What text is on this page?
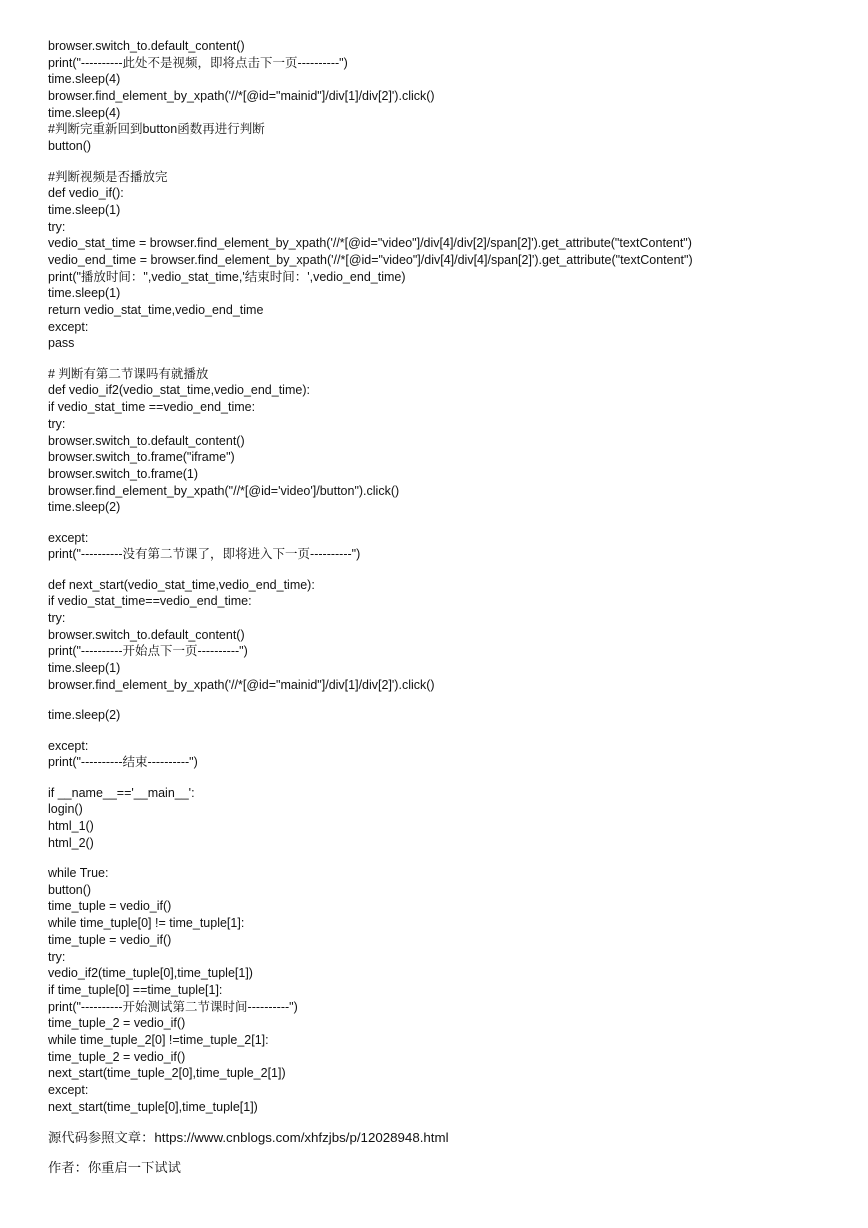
browser.switch_to.default_content()
print("----------此处不是视频，即将点击下一页----------")
time.sleep(4)
browser.find_element_by_xpath('//*[@id="mainid"]/div[1]/div[2]').click()
time.sleep(4)
#判断完重新回到button函数再进行判断
button()
#判断视频是否播放完
def vedio_if():
time.sleep(1)
try:
vedio_stat_time = browser.find_element_by_xpath('//*[@id="video"]/div[4]/div[2]/span[2]').get_attribute("textContent")
vedio_end_time = browser.find_element_by_xpath('//*[@id="video"]/div[4]/div[4]/span[2]').get_attribute("textContent")
print("播放时间：",vedio_stat_time,'结束时间：',vedio_end_time)
time.sleep(1)
return vedio_stat_time,vedio_end_time
except:
pass
# 判断有第二节课吗有就播放
def vedio_if2(vedio_stat_time,vedio_end_time):
if vedio_stat_time ==vedio_end_time:
try:
browser.switch_to.default_content()
browser.switch_to.frame("iframe")
browser.switch_to.frame(1)
browser.find_element_by_xpath("//*[@id='video']/button").click()
time.sleep(2)
except:
print("----------没有第二节课了，即将进入下一页----------")
def next_start(vedio_stat_time,vedio_end_time):
if vedio_stat_time==vedio_end_time:
try:
browser.switch_to.default_content()
print("----------开始点下一页----------")
time.sleep(1)
browser.find_element_by_xpath('//*[@id="mainid"]/div[1]/div[2]').click()
time.sleep(2)
except:
print("----------结束----------")
if __name__=='__main__':
login()
html_1()
html_2()
while True:
button()
time_tuple = vedio_if()
while time_tuple[0] != time_tuple[1]:
time_tuple = vedio_if()
try:
vedio_if2(time_tuple[0],time_tuple[1])
if time_tuple[0] ==time_tuple[1]:
print("----------开始测试第二节课时间----------")
time_tuple_2 = vedio_if()
while time_tuple_2[0] !=time_tuple_2[1]:
time_tuple_2 = vedio_if()
next_start(time_tuple_2[0],time_tuple_2[1])
except:
next_start(time_tuple[0],time_tuple[1])
源代码参照文章：https://www.cnblogs.com/xhfzjbs/p/12028948.html
作者：你重启一下试试
